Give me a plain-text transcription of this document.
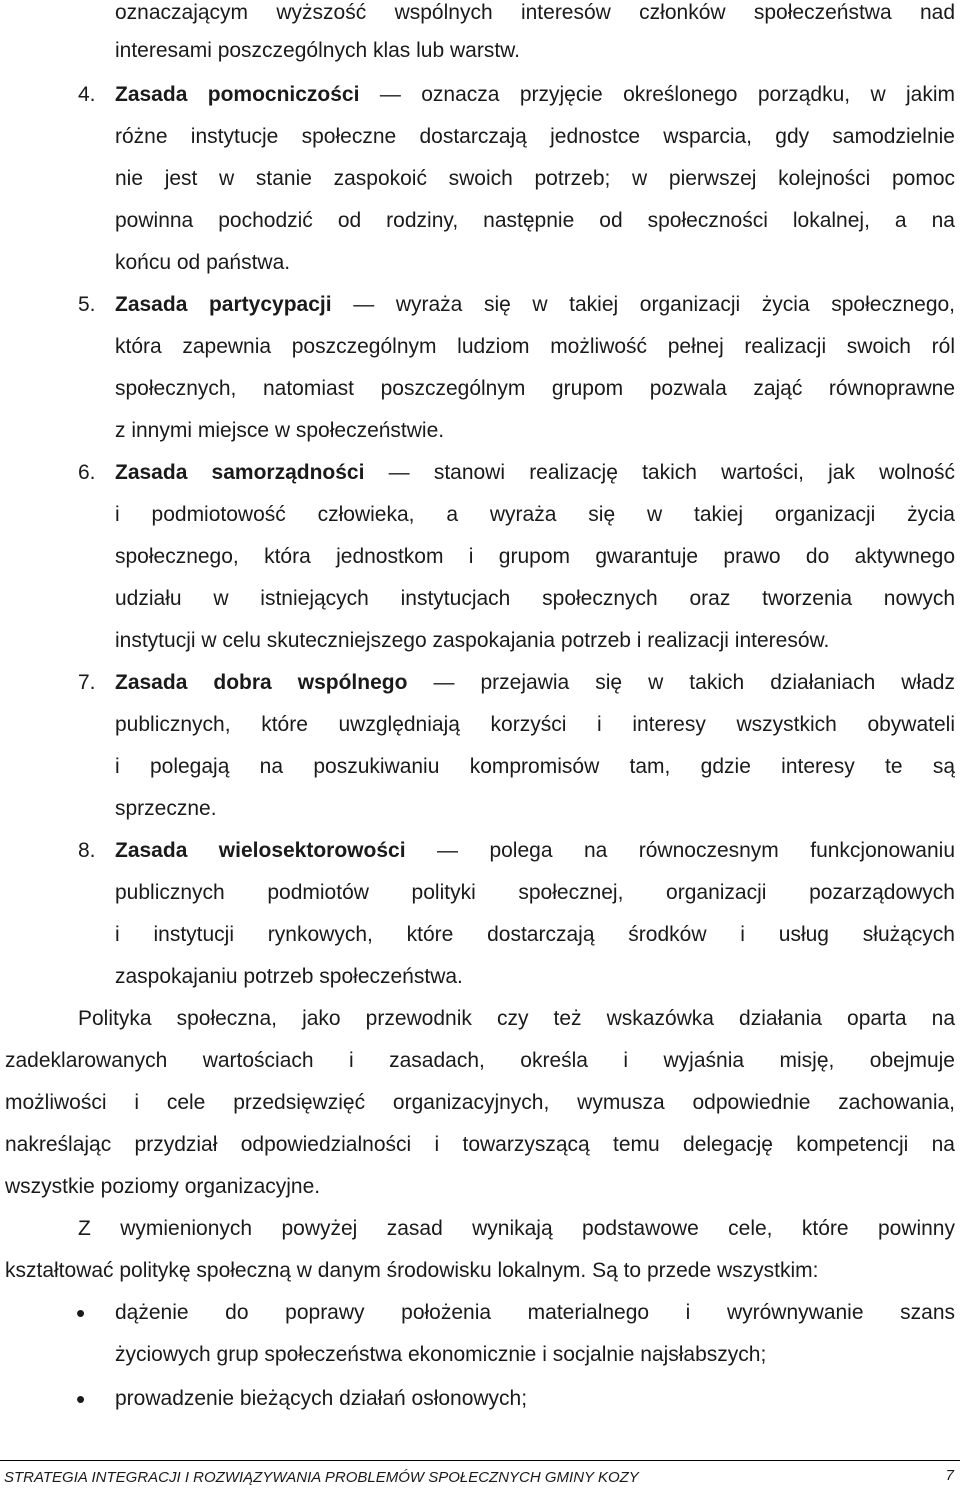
oznaczającym wyższość wspólnych interesów członków społeczeństwa nad
interesami poszczególnych klas lub warstw.
4. Zasada pomocniczości — oznacza przyjęcie określonego porządku, w jakim
różne instytucje społeczne dostarczają jednostce wsparcia, gdy samodzielnie
nie jest w stanie zaspokoić swoich potrzeb; w pierwszej kolejności pomoc
powinna pochodzić od rodziny, następnie od społeczności lokalnej, a na
końcu od państwa.
5. Zasada partycypacji — wyraża się w takiej organizacji życia społecznego,
która zapewnia poszczególnym ludziom możliwość pełnej realizacji swoich ról
społecznych, natomiast poszczególnym grupom pozwala zająć równoprawne
z innymi miejsce w społeczeństwie.
6. Zasada samorządności — stanowi realizację takich wartości, jak wolność
i podmiotowość człowieka, a wyraża się w takiej organizacji życia
społecznego, która jednostkom i grupom gwarantuje prawo do aktywnego
udziału w istniejących instytucjach społecznych oraz tworzenia nowych
instytucji w celu skuteczniejszego zaspokajania potrzeb i realizacji interesów.
7. Zasada dobra wspólnego — przejawia się w takich działaniach władz
publicznych, które uwzględniają korzyści i interesy wszystkich obywateli
i polegają na poszukiwaniu kompromisów tam, gdzie interesy te są
sprzeczne.
8. Zasada wielosektorowości — polega na równoczesnym funkcjonowaniu
publicznych podmiotów polityki społecznej, organizacji pozarządowych
i instytucji rynkowych, które dostarczają środków i usług służących
zaspokajaniu potrzeb społeczeństwa.
Polityka społeczna, jako przewodnik czy też wskazówka działania oparta na
zadeklarowanych wartościach i zasadach, określa i wyjaśnia misję, obejmuje
możliwości i cele przedsięwzięć organizacyjnych, wymusza odpowiednie zachowania,
nakreślając przydział odpowiedzialności i towarzyszącą temu delegację kompetencji na
wszystkie poziomy organizacyjne.
Z wymienionych powyżej zasad wynikają podstawowe cele, które powinny
kształtować politykę społeczną w danym środowisku lokalnym. Są to przede wszystkim:
• dążenie do poprawy położenia materialnego i wyrównywanie szans
życiowych grup społeczeństwa ekonomicznie i socjalnie najsłabszych;
• prowadzenie bieżących działań osłonowych;
STRATEGIA INTEGRACJI I ROZWIĄZYWANIA PROBLEMÓW SPOŁECZNYCH GMINY KOZY	7
